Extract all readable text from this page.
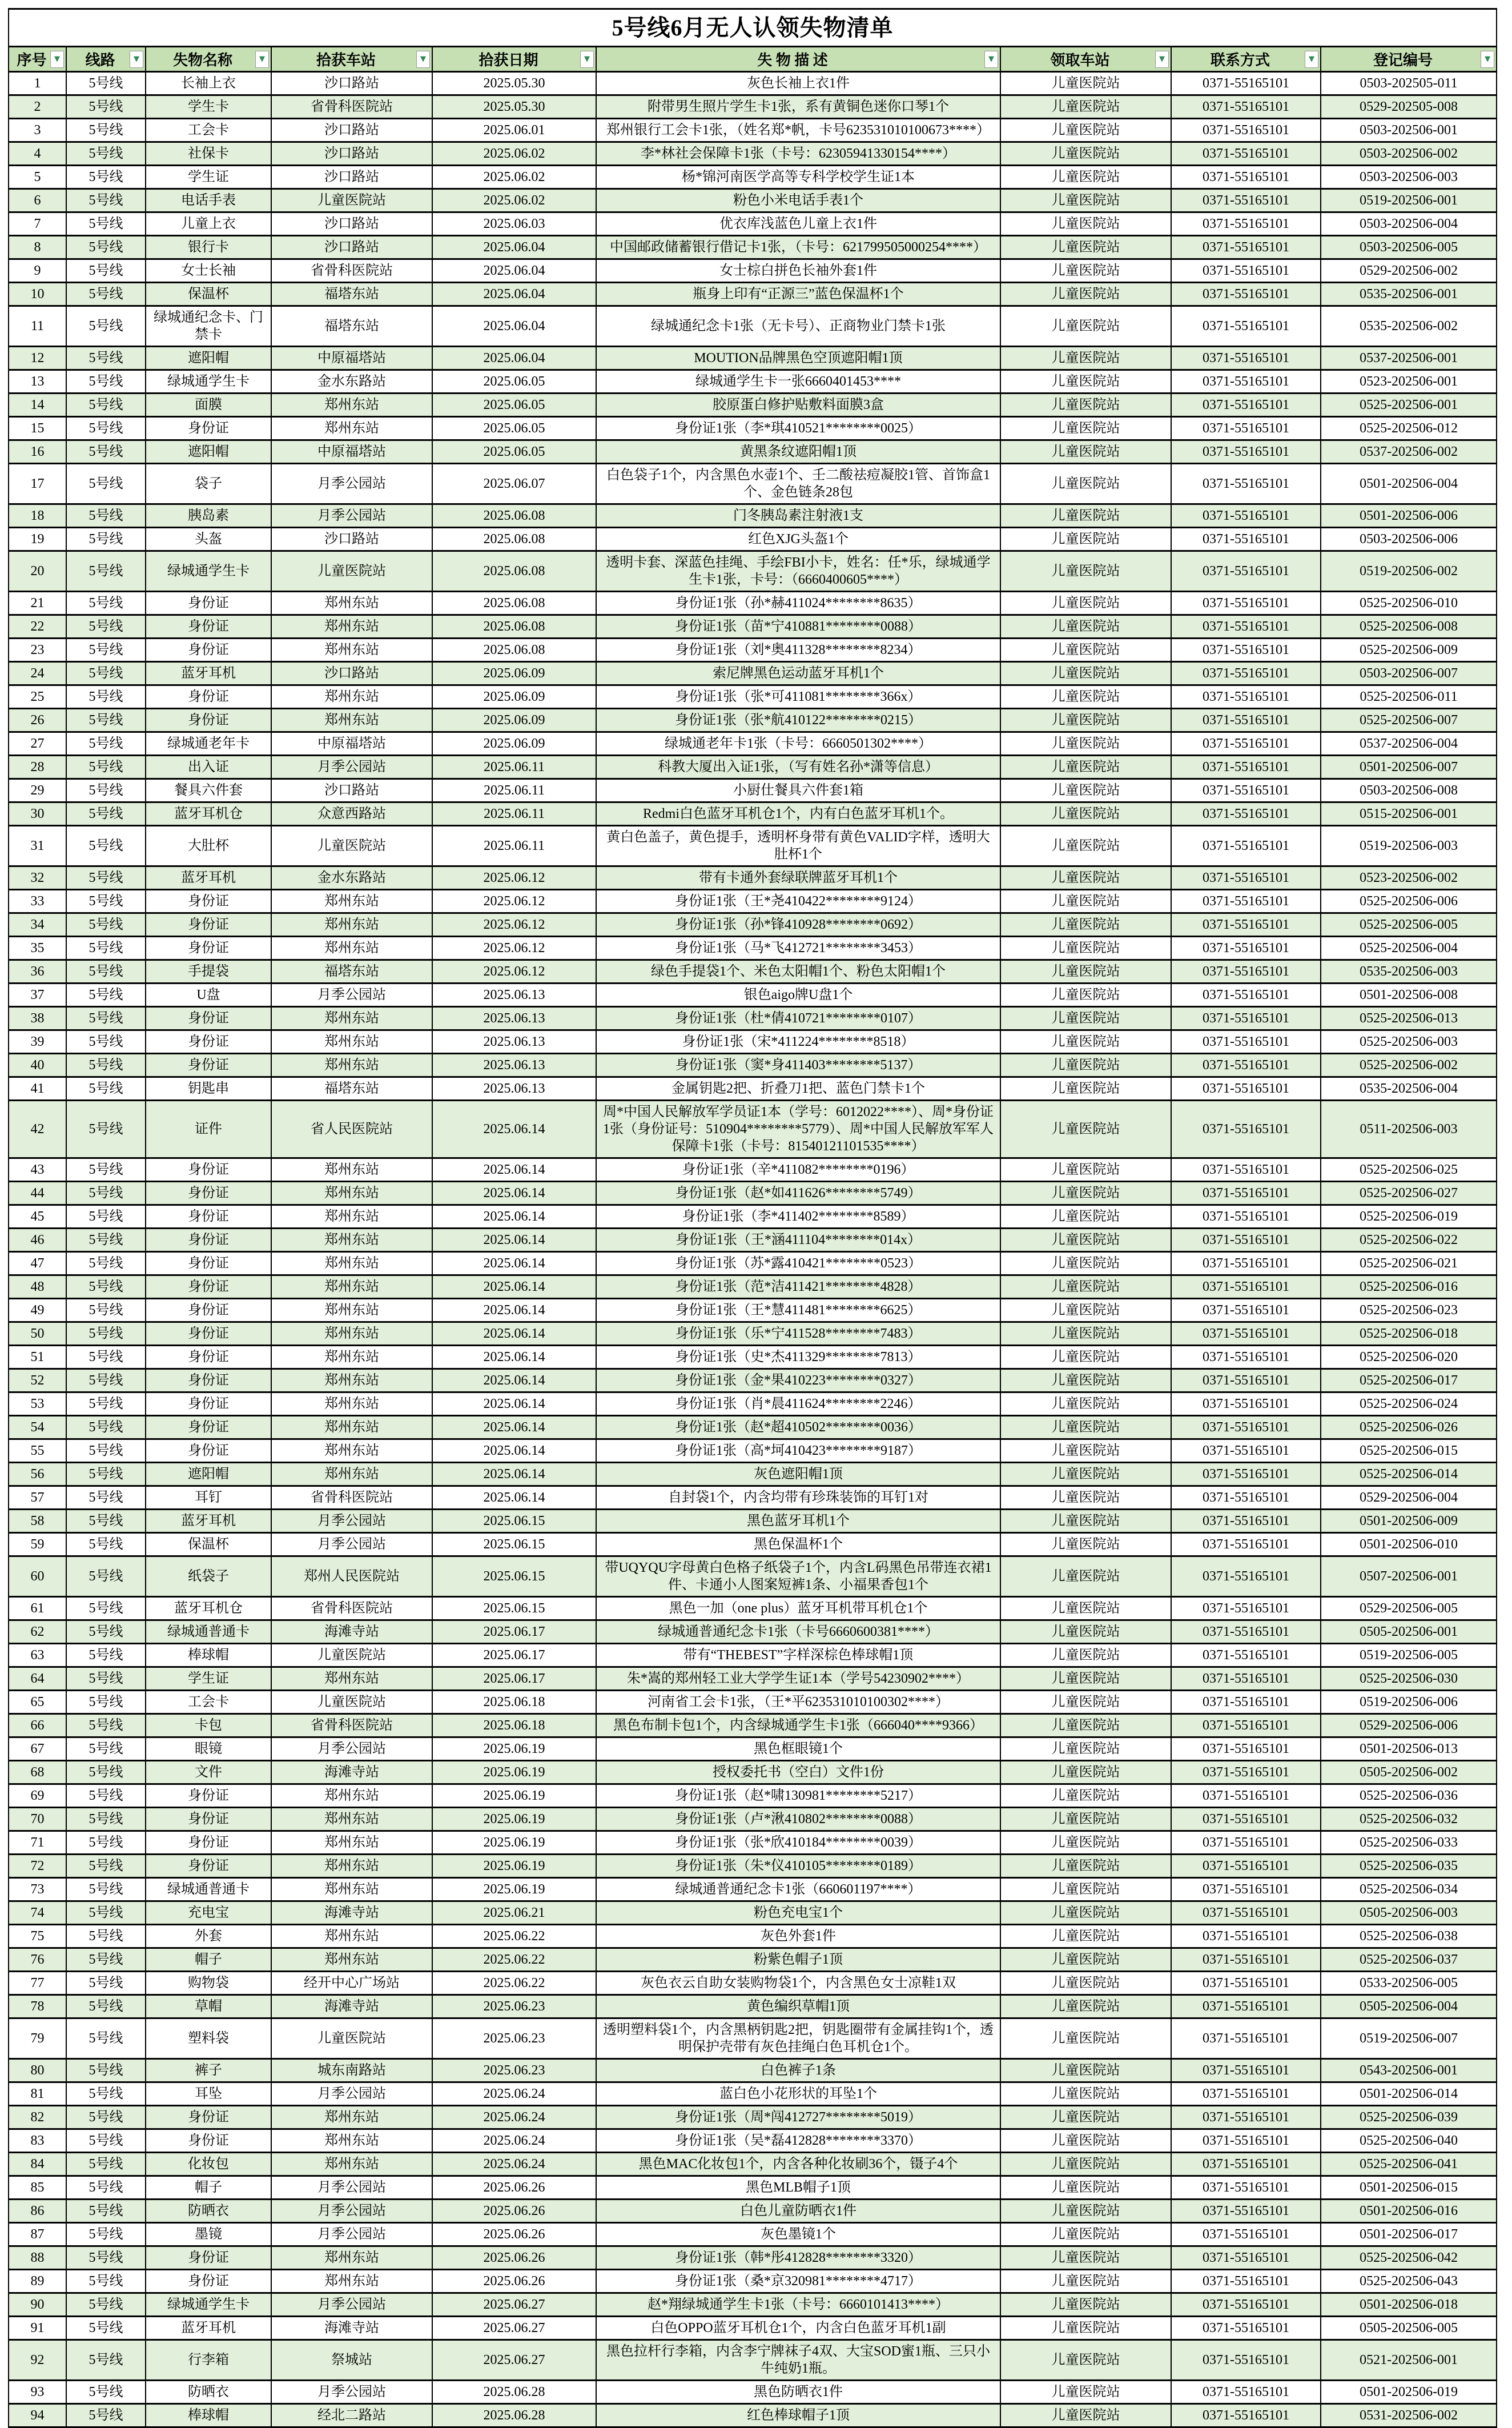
5号线6月无人认领失物清单								
序号 ▼	线路 ▼	失物名称 ▼	拾获车站 ▼	拾获日期 ▼	失 物 描 述 ▼	领取车站 ▼	联系方式 ▼	登记编号 ▼

1	5号线	长袖上衣	沙口路站	2025.05.30	灰色长袖上衣1件	儿童医院站	0371-55165101	0503-202505-011
2	5号线	学生卡	省骨科医院站	2025.05.30	附带男生照片学生卡1张，系有黄铜色迷你口琴1个	儿童医院站	0371-55165101	0529-202505-008
3	5号线	工会卡	沙口路站	2025.06.01	郑州银行工会卡1张，（姓名郑*帆，卡号623531010100673****）	儿童医院站	0371-55165101	0503-202506-001
4	5号线	社保卡	沙口路站	2025.06.02	李*林社会保障卡1张（卡号：62305941330154****）	儿童医院站	0371-55165101	0503-202506-002
5	5号线	学生证	沙口路站	2025.06.02	杨*锦河南医学高等专科学校学生证1本	儿童医院站	0371-55165101	0503-202506-003
6	5号线	电话手表	儿童医院站	2025.06.02	粉色小米电话手表1个	儿童医院站	0371-55165101	0519-202506-001
7	5号线	儿童上衣	沙口路站	2025.06.03	优衣库浅蓝色儿童上衣1件	儿童医院站	0371-55165101	0503-202506-004
8	5号线	银行卡	沙口路站	2025.06.04	中国邮政储蓄银行借记卡1张，（卡号：621799505000254****）	儿童医院站	0371-55165101	0503-202506-005
9	5号线	女士长袖	省骨科医院站	2025.06.04	女士棕白拼色长袖外套1件	儿童医院站	0371-55165101	0529-202506-002
10	5号线	保温杯	福塔东站	2025.06.04	瓶身上印有“正源三”蓝色保温杯1个	儿童医院站	0371-55165101	0535-202506-001
11	5号线	绿城通纪念卡、门禁卡	福塔东站	2025.06.04	绿城通纪念卡1张（无卡号）、正商物业门禁卡1张	儿童医院站	0371-55165101	0535-202506-002
12	5号线	遮阳帽	中原福塔站	2025.06.04	MOUTION品牌黑色空顶遮阳帽1顶	儿童医院站	0371-55165101	0537-202506-001
13	5号线	绿城通学生卡	金水东路站	2025.06.05	绿城通学生卡一张6660401453****	儿童医院站	0371-55165101	0523-202506-001
14	5号线	面膜	郑州东站	2025.06.05	胶原蛋白修护贴敷料面膜3盒	儿童医院站	0371-55165101	0525-202506-001
15	5号线	身份证	郑州东站	2025.06.05	身份证1张（李*琪410521********0025）	儿童医院站	0371-55165101	0525-202506-012
16	5号线	遮阳帽	中原福塔站	2025.06.05	黄黑条纹遮阳帽1顶	儿童医院站	0371-55165101	0537-202506-002
17	5号线	袋子	月季公园站	2025.06.07	白色袋子1个，内含黑色水壶1个、壬二酸祛痘凝胶1管、首饰盒1个、金色链条28包	儿童医院站	0371-55165101	0501-202506-004
18	5号线	胰岛素	月季公园站	2025.06.08	门冬胰岛素注射液1支	儿童医院站	0371-55165101	0501-202506-006
19	5号线	头盔	沙口路站	2025.06.08	红色XJG头盔1个	儿童医院站	0371-55165101	0503-202506-006
20	5号线	绿城通学生卡	儿童医院站	2025.06.08	透明卡套、深蓝色挂绳、手绘FBI小卡，姓名：任*乐，绿城通学生卡1张，卡号：（6660400605****）	儿童医院站	0371-55165101	0519-202506-002
21	5号线	身份证	郑州东站	2025.06.08	身份证1张（孙*赫411024********8635）	儿童医院站	0371-55165101	0525-202506-010
22	5号线	身份证	郑州东站	2025.06.08	身份证1张（苗*宁410881********0088）	儿童医院站	0371-55165101	0525-202506-008
23	5号线	身份证	郑州东站	2025.06.08	身份证1张（刘*奥411328********8234）	儿童医院站	0371-55165101	0525-202506-009
24	5号线	蓝牙耳机	沙口路站	2025.06.09	索尼牌黑色运动蓝牙耳机1个	儿童医院站	0371-55165101	0503-202506-007
25	5号线	身份证	郑州东站	2025.06.09	身份证1张（张*可411081********366x）	儿童医院站	0371-55165101	0525-202506-011
26	5号线	身份证	郑州东站	2025.06.09	身份证1张（张*航410122********0215）	儿童医院站	0371-55165101	0525-202506-007
27	5号线	绿城通老年卡	中原福塔站	2025.06.09	绿城通老年卡1张（卡号：6660501302****）	儿童医院站	0371-55165101	0537-202506-004
28	5号线	出入证	月季公园站	2025.06.11	科教大厦出入证1张，（写有姓名孙*潇等信息）	儿童医院站	0371-55165101	0501-202506-007
29	5号线	餐具六件套	沙口路站	2025.06.11	小厨仕餐具六件套1箱	儿童医院站	0371-55165101	0503-202506-008
30	5号线	蓝牙耳机仓	众意西路站	2025.06.11	Redmi白色蓝牙耳机仓1个，内有白色蓝牙耳机1个。	儿童医院站	0371-55165101	0515-202506-001
31	5号线	大肚杯	儿童医院站	2025.06.11	黄白色盖子，黄色提手，透明杯身带有黄色VALID字样，透明大肚杯1个	儿童医院站	0371-55165101	0519-202506-003
32	5号线	蓝牙耳机	金水东路站	2025.06.12	带有卡通外套绿联牌蓝牙耳机1个	儿童医院站	0371-55165101	0523-202506-002
33	5号线	身份证	郑州东站	2025.06.12	身份证1张（王*尧410422********9124）	儿童医院站	0371-55165101	0525-202506-006
34	5号线	身份证	郑州东站	2025.06.12	身份证1张（孙*锋410928********0692）	儿童医院站	0371-55165101	0525-202506-005
35	5号线	身份证	郑州东站	2025.06.12	身份证1张（马*飞412721********3453）	儿童医院站	0371-55165101	0525-202506-004
36	5号线	手提袋	福塔东站	2025.06.12	绿色手提袋1个、米色太阳帽1个、粉色太阳帽1个	儿童医院站	0371-55165101	0535-202506-003
37	5号线	U盘	月季公园站	2025.06.13	银色aigo牌U盘1个	儿童医院站	0371-55165101	0501-202506-008
38	5号线	身份证	郑州东站	2025.06.13	身份证1张（杜*倩410721********0107）	儿童医院站	0371-55165101	0525-202506-013
39	5号线	身份证	郑州东站	2025.06.13	身份证1张（宋*411224********8518）	儿童医院站	0371-55165101	0525-202506-003
40	5号线	身份证	郑州东站	2025.06.13	身份证1张（窦*身411403********5137）	儿童医院站	0371-55165101	0525-202506-002
41	5号线	钥匙串	福塔东站	2025.06.13	金属钥匙2把、折叠刀1把、蓝色门禁卡1个	儿童医院站	0371-55165101	0535-202506-004
42	5号线	证件	省人民医院站	2025.06.14	周*中国人民解放军学员证1本（学号：6012022****）、周*身份证1张（身份证号：510904********5779）、周*中国人民解放军军人保障卡1张（卡号：81540121101535****）	儿童医院站	0371-55165101	0511-202506-003
43	5号线	身份证	郑州东站	2025.06.14	身份证1张（辛*411082********0196）	儿童医院站	0371-55165101	0525-202506-025
44	5号线	身份证	郑州东站	2025.06.14	身份证1张（赵*如411626********5749）	儿童医院站	0371-55165101	0525-202506-027
45	5号线	身份证	郑州东站	2025.06.14	身份证1张（李*411402********8589）	儿童医院站	0371-55165101	0525-202506-019
46	5号线	身份证	郑州东站	2025.06.14	身份证1张（王*涵411104********014x）	儿童医院站	0371-55165101	0525-202506-022
47	5号线	身份证	郑州东站	2025.06.14	身份证1张（苏*露410421********0523）	儿童医院站	0371-55165101	0525-202506-021
48	5号线	身份证	郑州东站	2025.06.14	身份证1张（范*洁411421********4828）	儿童医院站	0371-55165101	0525-202506-016
49	5号线	身份证	郑州东站	2025.06.14	身份证1张（王*慧411481********6625）	儿童医院站	0371-55165101	0525-202506-023
50	5号线	身份证	郑州东站	2025.06.14	身份证1张（乐*宁411528********7483）	儿童医院站	0371-55165101	0525-202506-018
51	5号线	身份证	郑州东站	2025.06.14	身份证1张（史*杰411329********7813）	儿童医院站	0371-55165101	0525-202506-020
52	5号线	身份证	郑州东站	2025.06.14	身份证1张（金*果410223********0327）	儿童医院站	0371-55165101	0525-202506-017
53	5号线	身份证	郑州东站	2025.06.14	身份证1张（肖*晨411624********2246）	儿童医院站	0371-55165101	0525-202506-024
54	5号线	身份证	郑州东站	2025.06.14	身份证1张（赵*超410502********0036）	儿童医院站	0371-55165101	0525-202506-026
55	5号线	身份证	郑州东站	2025.06.14	身份证1张（高*坷410423********9187）	儿童医院站	0371-55165101	0525-202506-015
56	5号线	遮阳帽	郑州东站	2025.06.14	灰色遮阳帽1顶	儿童医院站	0371-55165101	0525-202506-014
57	5号线	耳钉	省骨科医院站	2025.06.14	自封袋1个，内含均带有珍珠装饰的耳钉1对	儿童医院站	0371-55165101	0529-202506-004
58	5号线	蓝牙耳机	月季公园站	2025.06.15	黑色蓝牙耳机1个	儿童医院站	0371-55165101	0501-202506-009
59	5号线	保温杯	月季公园站	2025.06.15	黑色保温杯1个	儿童医院站	0371-55165101	0501-202506-010
60	5号线	纸袋子	郑州人民医院站	2025.06.15	带UQYQU字母黄白色格子纸袋子1个，内含L码黑色吊带连衣裙1件、卡通小人图案短裤1条、小福果香包1个	儿童医院站	0371-55165101	0507-202506-001
61	5号线	蓝牙耳机仓	省骨科医院站	2025.06.15	黑色一加（one plus）蓝牙耳机带耳机仓1个	儿童医院站	0371-55165101	0529-202506-005
62	5号线	绿城通普通卡	海滩寺站	2025.06.17	绿城通普通纪念卡1张（卡号6660600381****）	儿童医院站	0371-55165101	0505-202506-001
63	5号线	棒球帽	儿童医院站	2025.06.17	带有“THEBEST”字样深棕色棒球帽1顶	儿童医院站	0371-55165101	0519-202506-005
64	5号线	学生证	郑州东站	2025.06.17	朱*嵩的郑州轻工业大学学生证1本（学号54230902****）	儿童医院站	0371-55165101	0525-202506-030
65	5号线	工会卡	儿童医院站	2025.06.18	河南省工会卡1张，（王*平623531010100302****）	儿童医院站	0371-55165101	0519-202506-006
66	5号线	卡包	省骨科医院站	2025.06.18	黑色布制卡包1个，内含绿城通学生卡1张（666040****9366）	儿童医院站	0371-55165101	0529-202506-006
67	5号线	眼镜	月季公园站	2025.06.19	黑色框眼镜1个	儿童医院站	0371-55165101	0501-202506-013
68	5号线	文件	海滩寺站	2025.06.19	授权委托书（空白）文件1份	儿童医院站	0371-55165101	0505-202506-002
69	5号线	身份证	郑州东站	2025.06.19	身份证1张（赵*啸130981********5217）	儿童医院站	0371-55165101	0525-202506-036
70	5号线	身份证	郑州东站	2025.06.19	身份证1张（卢*湫410802********0088）	儿童医院站	0371-55165101	0525-202506-032
71	5号线	身份证	郑州东站	2025.06.19	身份证1张（张*欣410184********0039）	儿童医院站	0371-55165101	0525-202506-033
72	5号线	身份证	郑州东站	2025.06.19	身份证1张（朱*仪410105********0189）	儿童医院站	0371-55165101	0525-202506-035
73	5号线	绿城通普通卡	郑州东站	2025.06.19	绿城通普通纪念卡1张（660601197****）	儿童医院站	0371-55165101	0525-202506-034
74	5号线	充电宝	海滩寺站	2025.06.21	粉色充电宝1个	儿童医院站	0371-55165101	0505-202506-003
75	5号线	外套	郑州东站	2025.06.22	灰色外套1件	儿童医院站	0371-55165101	0525-202506-038
76	5号线	帽子	郑州东站	2025.06.22	粉紫色帽子1顶	儿童医院站	0371-55165101	0525-202506-037
77	5号线	购物袋	经开中心广场站	2025.06.22	灰色衣云自助女装购物袋1个，内含黑色女士凉鞋1双	儿童医院站	0371-55165101	0533-202506-005
78	5号线	草帽	海滩寺站	2025.06.23	黄色编织草帽1顶	儿童医院站	0371-55165101	0505-202506-004
79	5号线	塑料袋	儿童医院站	2025.06.23	透明塑料袋1个，内含黑柄钥匙2把，钥匙圈带有金属挂钩1个，透明保护壳带有灰色挂绳白色耳机仓1个。	儿童医院站	0371-55165101	0519-202506-007
80	5号线	裤子	城东南路站	2025.06.23	白色裤子1条	儿童医院站	0371-55165101	0543-202506-001
81	5号线	耳坠	月季公园站	2025.06.24	蓝白色小花形状的耳坠1个	儿童医院站	0371-55165101	0501-202506-014
82	5号线	身份证	郑州东站	2025.06.24	身份证1张（周*闯412727********5019）	儿童医院站	0371-55165101	0525-202506-039
83	5号线	身份证	郑州东站	2025.06.24	身份证1张（吴*磊412828********3370）	儿童医院站	0371-55165101	0525-202506-040
84	5号线	化妆包	郑州东站	2025.06.24	黑色MAC化妆包1个，内含各种化妆刷36个，镊子4个	儿童医院站	0371-55165101	0525-202506-041
85	5号线	帽子	月季公园站	2025.06.26	黑色MLB帽子1顶	儿童医院站	0371-55165101	0501-202506-015
86	5号线	防晒衣	月季公园站	2025.06.26	白色儿童防晒衣1件	儿童医院站	0371-55165101	0501-202506-016
87	5号线	墨镜	月季公园站	2025.06.26	灰色墨镜1个	儿童医院站	0371-55165101	0501-202506-017
88	5号线	身份证	郑州东站	2025.06.26	身份证1张（韩*彤412828********3320）	儿童医院站	0371-55165101	0525-202506-042
89	5号线	身份证	郑州东站	2025.06.26	身份证1张（桑*京320981********4717）	儿童医院站	0371-55165101	0525-202506-043
90	5号线	绿城通学生卡	月季公园站	2025.06.27	赵*翔绿城通学生卡1张（卡号：6660101413****）	儿童医院站	0371-55165101	0501-202506-018
91	5号线	蓝牙耳机	海滩寺站	2025.06.27	白色OPPO蓝牙耳机仓1个，内含白色蓝牙耳机1副	儿童医院站	0371-55165101	0505-202506-005
92	5号线	行李箱	祭城站	2025.06.27	黑色拉杆行李箱，内含李宁牌袜子4双、大宝SOD蜜1瓶、三只小牛纯奶1瓶。	儿童医院站	0371-55165101	0521-202506-001
93	5号线	防晒衣	月季公园站	2025.06.28	黑色防晒衣1件	儿童医院站	0371-55165101	0501-202506-019
94	5号线	棒球帽	经北二路站	2025.06.28	红色棒球帽子1顶	儿童医院站	0371-55165101	0531-202506-002
